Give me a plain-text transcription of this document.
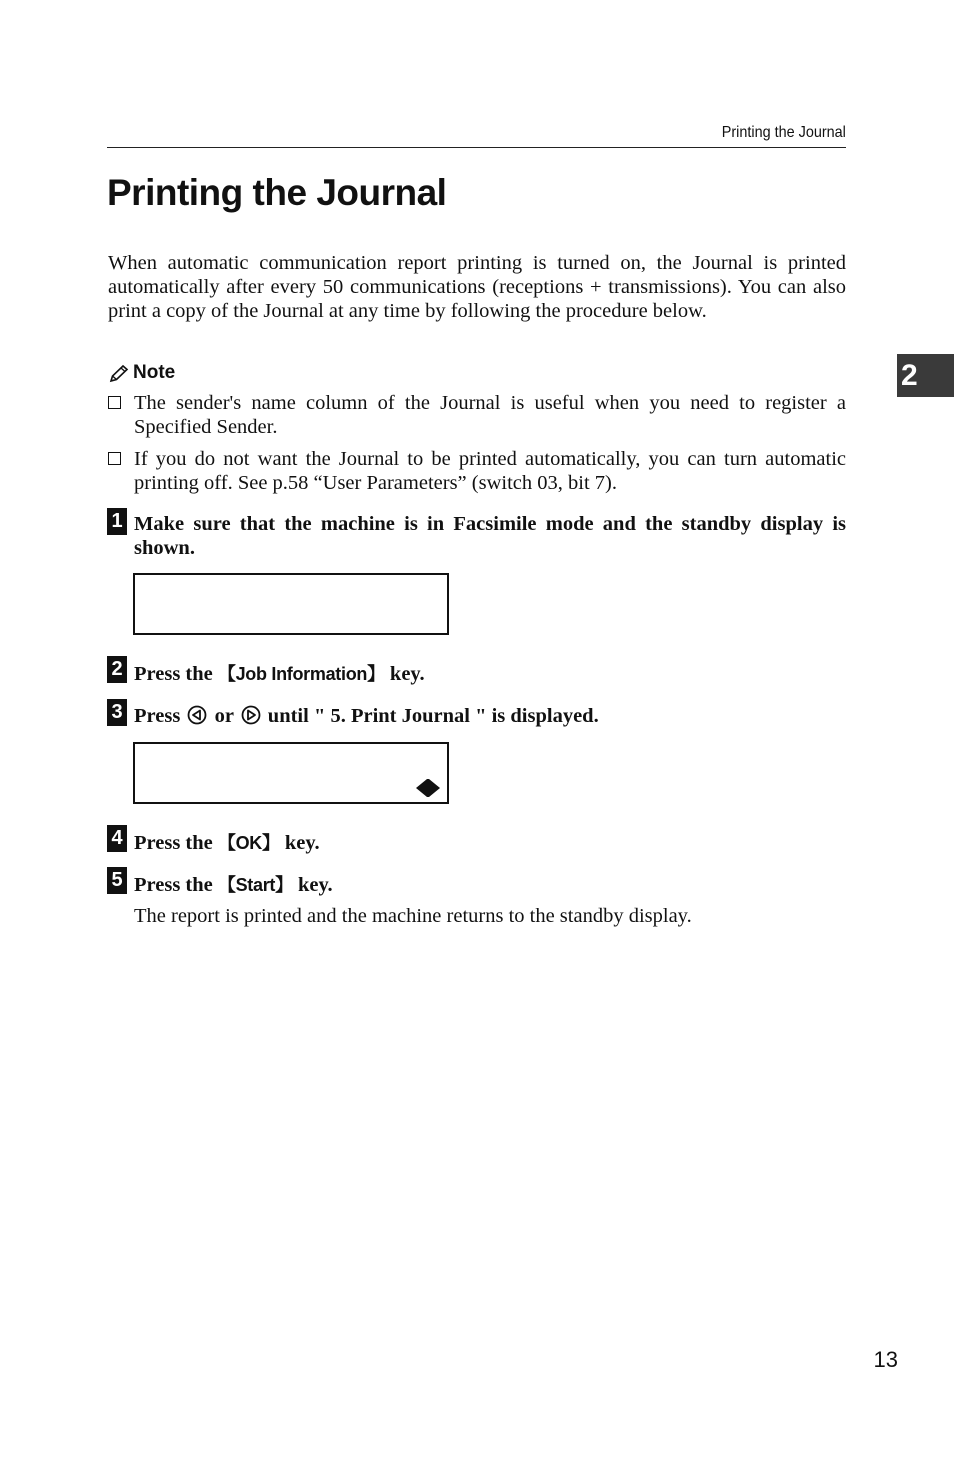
Printing the Journal
Printing the Journal

When automatic communication report printing is turned on, the Journal is printed automatically after every 50 communications (receptions + transmissions). You can also print a copy of the Journal at any time by following the procedure below.

2
Note
The sender's name column of the Journal is useful when you need to register a Specified Sender.
If you do not want the Journal to be printed automatically, you can turn automatic printing off. See p.58 “User Parameters” (switch 03, bit 7).
1 Make sure that the machine is in Facsimile mode and the standby display is shown.

2 Press the 【Job Information】 key.
3 Press  or  until " 5. Print Journal " is displayed.

4 Press the 【OK】 key.
5 Press the 【Start】 key.
The report is printed and the machine returns to the standby display.
13
